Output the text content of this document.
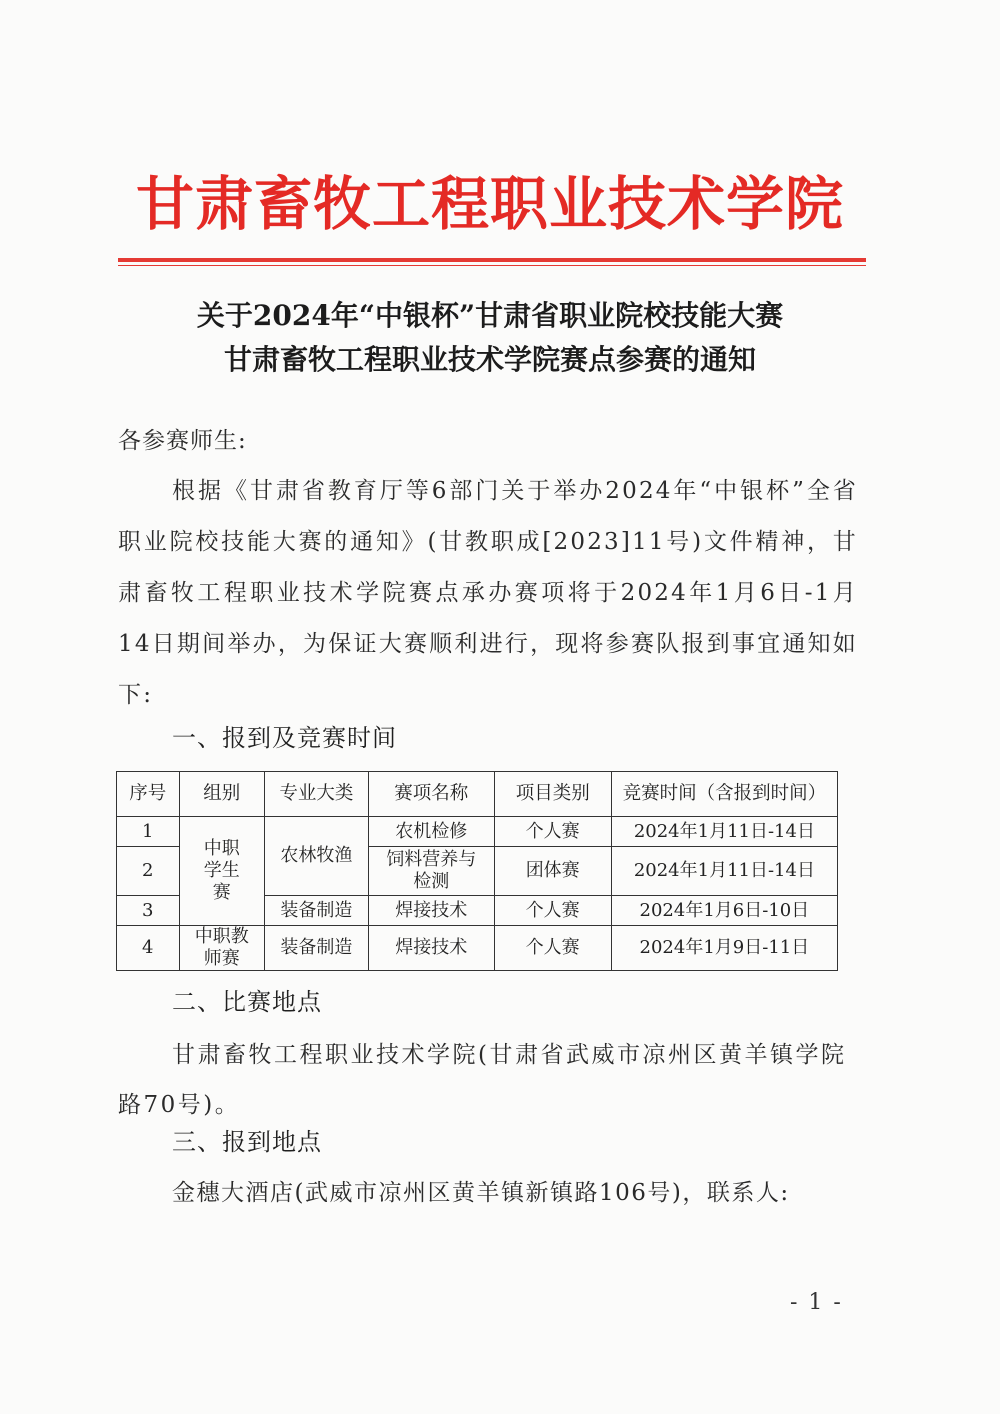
甘肃畜牧工程职业技术学院
关于2024年“中银杯”甘肃省职业院校技能大赛
甘肃畜牧工程职业技术学院赛点参赛的通知
各参赛师生:
根据《甘肃省教育厅等6部门关于举办2024年“中银杯”全省职业院校技能大赛的通知》(甘教职成[2023]11号)文件精神，甘肃畜牧工程职业技术学院赛点承办赛项将于2024年1月6日-1月14日期间举办，为保证大赛顺利进行，现将参赛队报到事宜通知如下:
一、报到及竞赛时间
序号	组别	专业大类	赛项名称	项目类别	竞赛时间（含报到时间）
1	中职学生赛	农林牧渔	农机检修	个人赛	2024年1月11日-14日
2			饲料营养与检测	团体赛	2024年1月11日-14日
3		装备制造	焊接技术	个人赛	2024年1月6日-10日
4	中职教师赛	装备制造	焊接技术	个人赛	2024年1月9日-11日
二、比赛地点
甘肃畜牧工程职业技术学院(甘肃省武威市凉州区黄羊镇学院路70号)。
三、报到地点
金穗大酒店(武威市凉州区黄羊镇新镇路106号)，联系人:
- 1 -
